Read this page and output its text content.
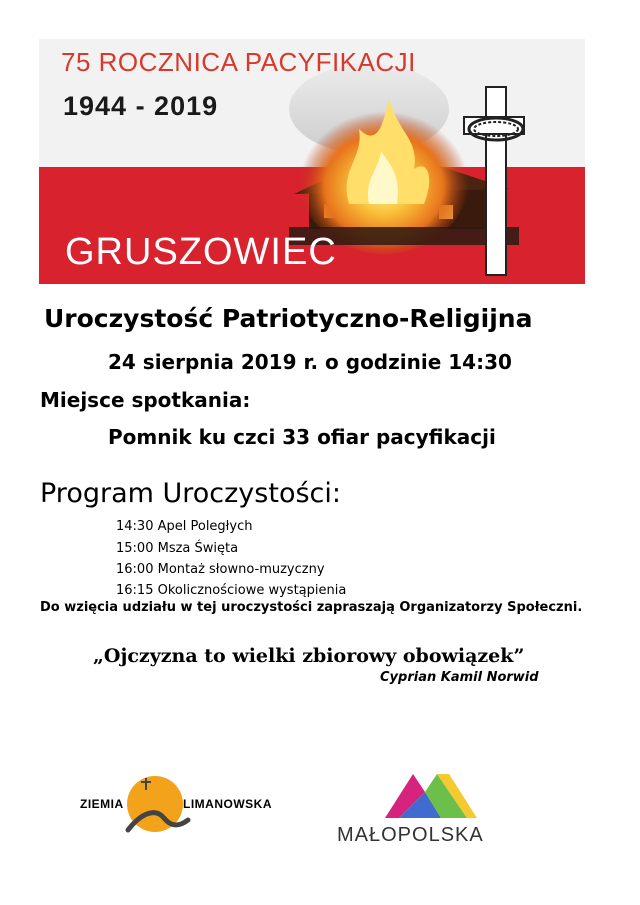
75 ROCZNICA PACYFIKACJI
1944 - 2019
GRUSZOWIEC
Uroczystość Patriotyczno-Religijna
24 sierpnia 2019 r. o godzinie 14:30
Miejsce spotkania:
Pomnik ku czci 33 ofiar pacyfikacji
Program Uroczystości:
14:30 Apel Poległych
15:00 Msza Święta
16:00 Montaż słowno-muzyczny
16:15 Okolicznościowe wystąpienia
Do wzięcia udziału w tej uroczystości zapraszają Organizatorzy Społeczni.
„Ojczyzna to wielki zbiorowy obowiązek”
Cyprian Kamil Norwid
ZIEMIA	LIMANOWSKA
MAŁOPOLSKA
